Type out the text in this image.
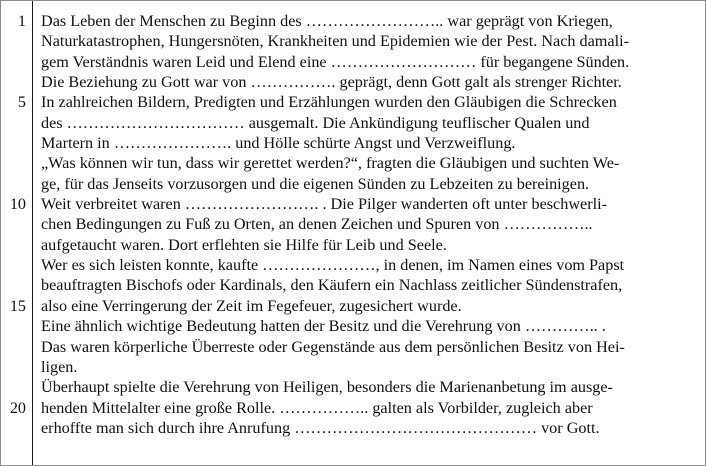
1 Das Leben der Menschen zu Beginn des …………………….. war geprägt von Kriegen,
Naturkatastrophen, Hungersnöten, Krankheiten und Epidemien wie der Pest. Nach damali-
gem Verständnis waren Leid und Elend eine ……………………… für begangene Sünden.
Die Beziehung zu Gott war von ……………. geprägt, denn Gott galt als strenger Richter.
5 In zahlreichen Bildern, Predigten und Erzählungen wurden den Gläubigen die Schrecken
des …………………………… ausgemalt. Die Ankündigung teuflischer Qualen und
Martern in …………………. und Hölle schürte Angst und Verzweiflung.
„Was können wir tun, dass wir gerettet werden?“, fragten die Gläubigen und suchten We-
ge, für das Jenseits vorzusorgen und die eigenen Sünden zu Lebzeiten zu bereinigen.
10 Weit verbreitet waren ……………………. . Die Pilger wanderten oft unter beschwerli-
chen Bedingungen zu Fuß zu Orten, an denen Zeichen und Spuren von ……………..
aufgetaucht waren. Dort erflehten sie Hilfe für Leib und Seele.
Wer es sich leisten konnte, kaufte …………………, in denen, im Namen eines vom Papst
beauftragten Bischofs oder Kardinals, den Käufern ein Nachlass zeitlicher Sündenstrafen,
15 also eine Verringerung der Zeit im Fegefeuer, zugesichert wurde.
Eine ähnlich wichtige Bedeutung hatten der Besitz und die Verehrung von ………….. .
Das waren körperliche Überreste oder Gegenstände aus dem persönlichen Besitz von Hei-
ligen.
Überhaupt spielte die Verehrung von Heiligen, besonders die Marienanbetung im ausge-
20 henden Mittelalter eine große Rolle. …………….. galten als Vorbilder, zugleich aber
erhoffte man sich durch ihre Anrufung ……………………………………… vor Gott.
